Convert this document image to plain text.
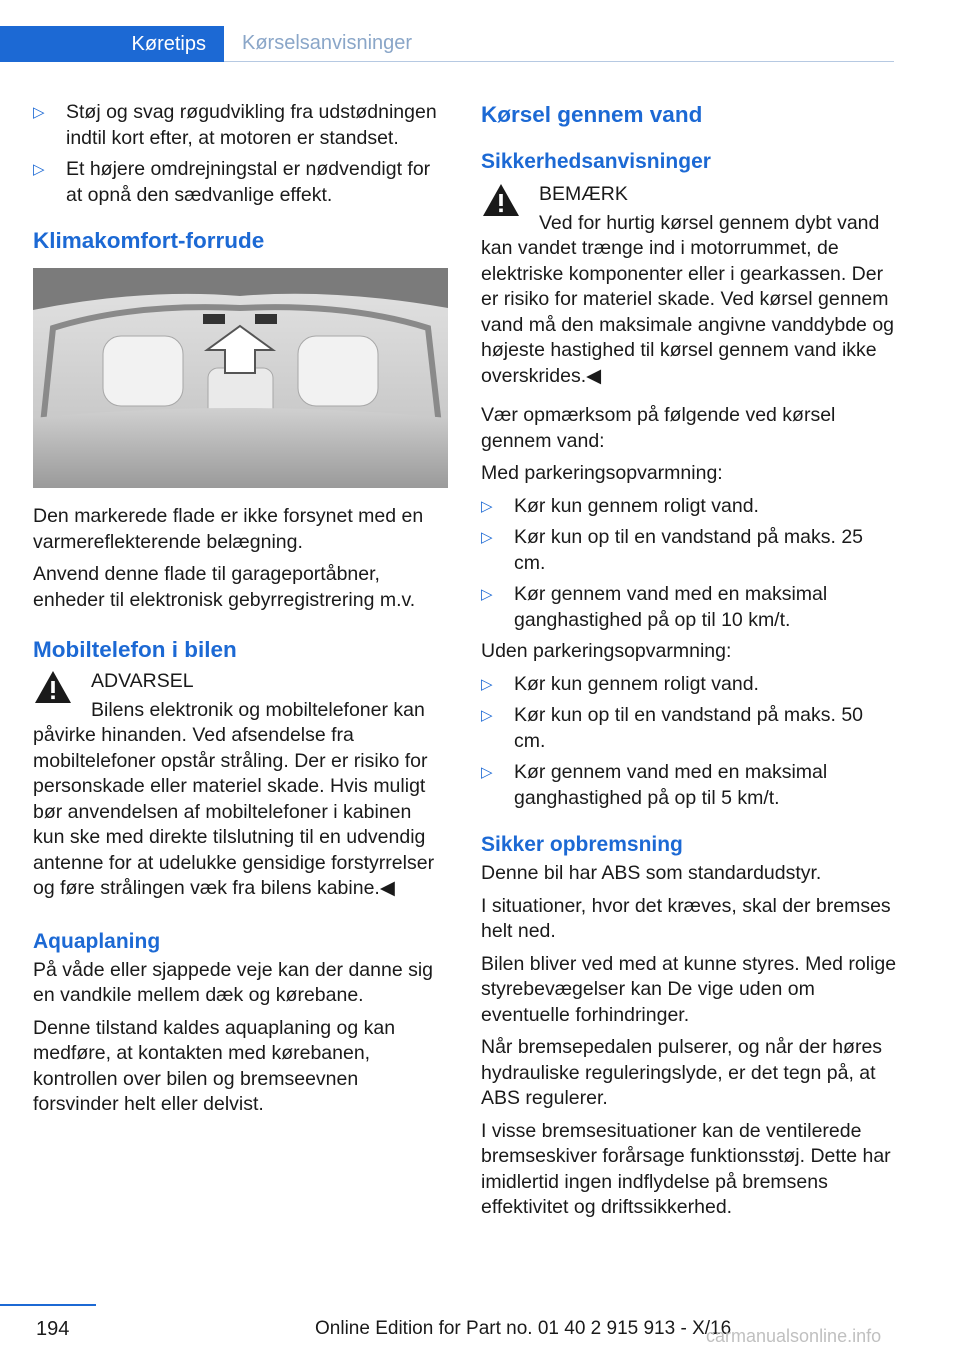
Køretips	Kørselsanvisninger
▷	Støj og svag røgudvikling fra udstødningen indtil kort efter, at motoren er standset.
▷	Et højere omdrejningstal er nødvendigt for at opnå den sædvanlige effekt.
Klimakomfort-forrude

Den markerede flade er ikke forsynet med en varmereflekterende belægning.

Anvend denne flade til garageportåbner, enheder til elektronisk gebyrregistrering m.v.

Mobiltelefon i bilen
ADVARSEL
Bilens elektronik og mobiltelefoner kan

påvirke hinanden. Ved afsendelse fra mobiltelefoner opstår stråling. Der er risiko for personskade eller materiel skade. Hvis muligt bør anvendelsen af mobiltelefoner i kabinen kun ske med direkte tilslutning til en udvendig antenne for at udelukke gensidige forstyrrelser og føre strålingen væk fra bilens kabine.◀

Aquaplaning

På våde eller sjappede veje kan der danne sig en vandkile mellem dæk og kørebane.

Denne tilstand kaldes aquaplaning og kan medføre, at kontakten med kørebanen, kontrollen over bilen og bremseevnen forsvinder helt eller delvist.

Kørsel gennem vand
Sikkerhedsanvisninger
BEMÆRK
Ved for hurtig kørsel gennem dybt vand

kan vandet trænge ind i motorrummet, de elektriske komponenter eller i gearkassen. Der er risiko for materiel skade. Ved kørsel gennem vand må den maksimale angivne vanddybde og højeste hastighed til kørsel gennem vand ikke overskrides.◀

Vær opmærksom på følgende ved kørsel gennem vand:

Med parkeringsopvarmning:

▷	Kør kun gennem roligt vand.
▷	Kør kun op til en vandstand på maks. 25 cm.
▷	Kør gennem vand med en maksimal ganghastighed på op til 10 km/t.

Uden parkeringsopvarmning:

▷	Kør kun gennem roligt vand.
▷	Kør kun op til en vandstand på maks. 50 cm.
▷	Kør gennem vand med en maksimal ganghastighed på op til 5 km/t.
Sikker opbremsning

Denne bil har ABS som standardudstyr.

I situationer, hvor det kræves, skal der bremses helt ned.

Bilen bliver ved med at kunne styres. Med rolige styrebevægelser kan De vige uden om eventuelle forhindringer.

Når bremsepedalen pulserer, og når der høres hydrauliske reguleringslyde, er det tegn på, at ABS regulerer.

I visse bremsesituationer kan de ventilerede bremseskiver forårsage funktionsstøj. Dette har imidlertid ingen indflydelse på bremsens effektivitet og driftssikkerhed.

194	Online Edition for Part no. 01 40 2 915 913 - X/16
carmanualsonline.info
